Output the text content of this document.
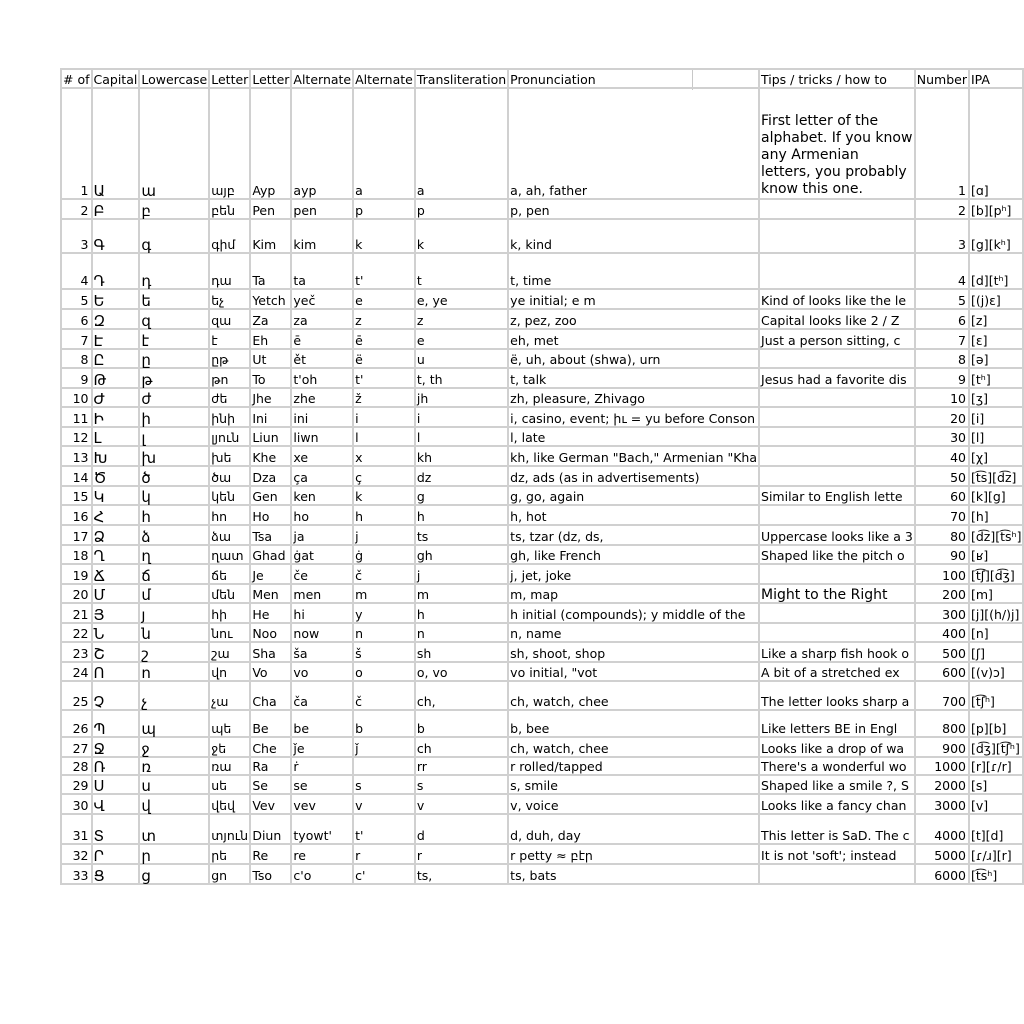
# of	Capital	Lowercase	Letter	Letter	Alternate	Alternate	Transliteration	Pronunciation	Tips / tricks / how to	Number	IPA
1	Ա	ա	այբ	Ayp	ayp	a	a	a, ah, father	First letter of the alphabet. If you know any Armenian letters, you probably know this one.	1	[ɑ]
2	Բ	բ	բեն	Pen	pen	p	p	p, pen		2	[b][pʰ]
3	Գ	գ	գիմ	Kim	kim	k	k	k, kind		3	[g][kʰ]
4	Դ	դ	դա	Ta	ta	t'	t	t, time		4	[d][tʰ]
5	Ե	ե	եչ	Yetch	yeč	e	e, ye	ye initial; e m	Kind of looks like the le	5	[(j)ɛ]
6	Զ	զ	զա	Za	za	z	z	z, pez, zoo	Capital looks like 2 / Z	6	[z]
7	Է	է	է	Eh	ē	ē	e	eh, met	Just a person sitting, c	7	[ɛ]
8	Ը	ը	ըթ	Ut	ět	ë	u	ë, uh, about (shwa), urn		8	[ə]
9	Թ	թ	թո	To	t'oh	t'	t, th	t, talk	Jesus had a favorite dis	9	[tʰ]
10	Ժ	ժ	ժե	Jhe	zhe	ž	jh	zh, pleasure, Zhivago		10	[ʒ]
11	Ի	ի	ինի	Ini	ini	i	i	i, casino, event; իւ = yu before Conson		20	[i]
12	Լ	լ	լյուն	Liun	liwn	l	l	l, late		30	[l]
13	Խ	խ	խե	Khe	xe	x	kh	kh, like German "Bach," Armenian "Kha		40	[χ]
14	Ծ	ծ	ծա	Dza	ça	ç	dz	dz, ads (as in advertisements)		50	[t͡s][d͡z]
15	Կ	կ	կեն	Gen	ken	k	g	g, go, again	Similar to English lette	60	[k][g]
16	Հ	հ	հո	Ho	ho	h	h	h, hot		70	[h]
17	Ձ	ձ	ձա	Tsa	ja	j	ts	ts, tzar (dz, ds,	Uppercase looks like a 3	80	[d͡z][t͡sʰ]
18	Ղ	ղ	ղատ	Ghad	ġat	ġ	gh	gh, like French	Shaped like the pitch o	90	[ʁ]
19	Ճ	ճ	ճե	Je	če	č	j	j, jet, joke		100	[t͡ʃ][d͡ʒ]
20	Մ	մ	մեն	Men	men	m	m	m, map	Might to the Right	200	[m]
21	Յ	յ	հի	He	hi	y	h	h initial (compounds); y middle of the		300	[j][(h/)j]
22	Ն	ն	նու	Noo	now	n	n	n, name		400	[n]
23	Շ	շ	շա	Sha	ša	š	sh	sh, shoot, shop	Like a sharp fish hook o	500	[ʃ]
24	Ո	ո	վո	Vo	vo	o	o, vo	vo initial, "vot	A bit of a stretched ex	600	[(v)ɔ]
25	Չ	չ	չա	Cha	ča	č	ch,	ch, watch, chee	The letter looks sharp a	700	[t͡ʃʰ]
26	Պ	պ	պե	Be	be	b	b	b, bee	Like letters BE in Engl	800	[p][b]
27	Ջ	ջ	ջե	Che	ǰe	ǰ	ch	ch, watch, chee	Looks like a drop of wa	900	[d͡ʒ][t͡ʃʰ]
28	Ռ	ռ	ռա	Ra	ṙ		rr	r rolled/tapped	There's a wonderful wo	1000	[r][ɾ/r]
29	Ս	ս	սե	Se	se	s	s	s, smile	Shaped like a smile ?, S	2000	[s]
30	Վ	վ	վեվ	Vev	vev	v	v	v, voice	Looks like a fancy chan	3000	[v]
31	Տ	տ	տյուն	Diun	tyowt'	t'	d	d, duh, day	This letter is SaD. The c	4000	[t][d]
32	Ր	ր	րե	Re	re	r	r	r petty ≈ բէր	It is not 'soft'; instead	5000	[ɾ/ɹ][r]
33	Ց	ց	ցո	Tso	c'o	c'	ts,	ts, bats		6000	[t͡sʰ]
